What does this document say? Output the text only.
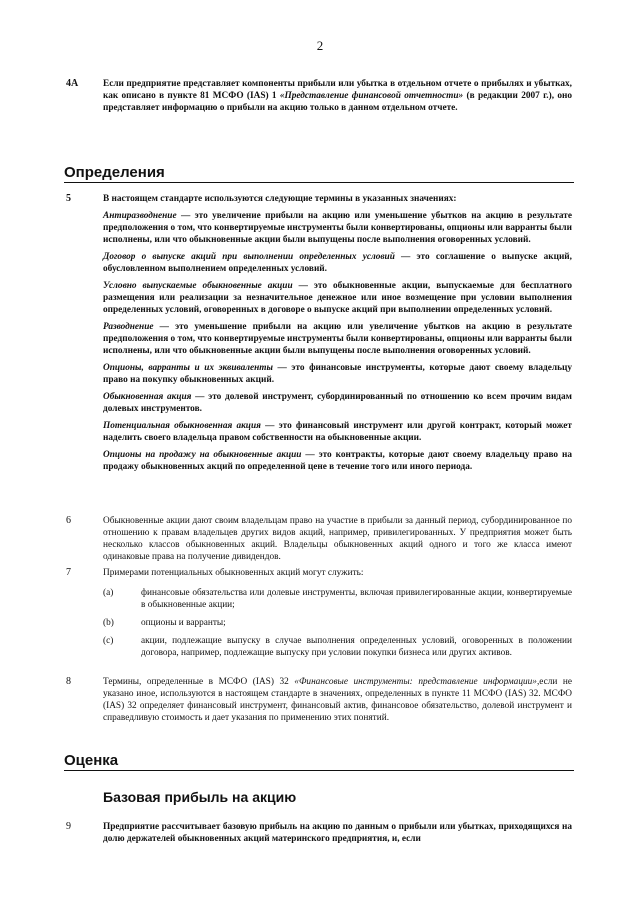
2
4A	Если предприятие представляет компоненты прибыли или убытка в отдельном отчете о прибылях и убытках, как описано в пункте 81 МСФО (IAS) 1 «Представление финансовой отчетности» (в редакции 2007 г.), оно представляет информацию о прибыли на акцию только в данном отдельном отчете.
Определения
5	В настоящем стандарте используются следующие термины в указанных значениях:

Антиразводнение — это увеличение прибыли на акцию или уменьшение убытков на акцию в результате предположения о том, что конвертируемые инструменты были конвертированы, опционы или варранты были исполнены, или что обыкновенные акции были выпущены после выполнения оговоренных условий.

Договор о выпуске акций при выполнении определенных условий — это соглашение о выпуске акций, обусловленном выполнением определенных условий.

Условно выпускаемые обыкновенные акции — это обыкновенные акции, выпускаемые для бесплатного размещения или реализации за незначительное денежное или иное возмещение при условии выполнения определенных условий, оговоренных в договоре о выпуске акций при выполнении определенных условий.

Разводнение — это уменьшение прибыли на акцию или увеличение убытков на акцию в результате предположения о том, что конвертируемые инструменты были конвертированы, опционы или варранты были исполнены, или что обыкновенные акции были выпущены после выполнения оговоренных условий.

Опционы, варранты и их эквиваленты — это финансовые инструменты, которые дают своему владельцу право на покупку обыкновенных акций.

Обыкновенная акция — это долевой инструмент, субординированный по отношению ко всем прочим видам долевых инструментов.

Потенциальная обыкновенная акция — это финансовый инструмент или другой контракт, который может наделить своего владельца правом собственности на обыкновенные акции.

Опционы на продажу на обыкновенные акции — это контракты, которые дают своему владельцу право на продажу обыкновенных акций по определенной цене в течение того или иного периода.

6	Обыкновенные акции дают своим владельцам право на участие в прибыли за данный период, субординированное по отношению к правам владельцев других видов акций, например, привилегированных. У предприятия может быть несколько классов обыкновенных акций. Владельцы обыкновенных акций одного и того же класса имеют одинаковые права на получение дивидендов.
7	Примерами потенциальных обыкновенных акций могут служить:

(a)	финансовые обязательства или долевые инструменты, включая привилегированные акции, конвертируемые в обыкновенные акции;
(b)	опционы и варранты;
(c)	акции, подлежащие выпуску в случае выполнения определенных условий, оговоренных в положении договора, например, подлежащие выпуску при условии покупки бизнеса или других активов.
8	Термины, определенные в МСФО (IAS) 32 «Финансовые инструменты: представление информации»,если не указано иное, используются в настоящем стандарте в значениях, определенных в пункте 11 МСФО (IAS) 32. МСФО (IAS) 32 определяет финансовый инструмент, финансовый актив, финансовое обязательство, долевой инструмент и справедливую стоимость и дает указания по применению этих понятий.
Оценка
Базовая прибыль на акцию
9	Предприятие рассчитывает базовую прибыль на акцию по данным о прибыли или убытках, приходящихся на долю держателей обыкновенных акций материнского предприятия, и, если
